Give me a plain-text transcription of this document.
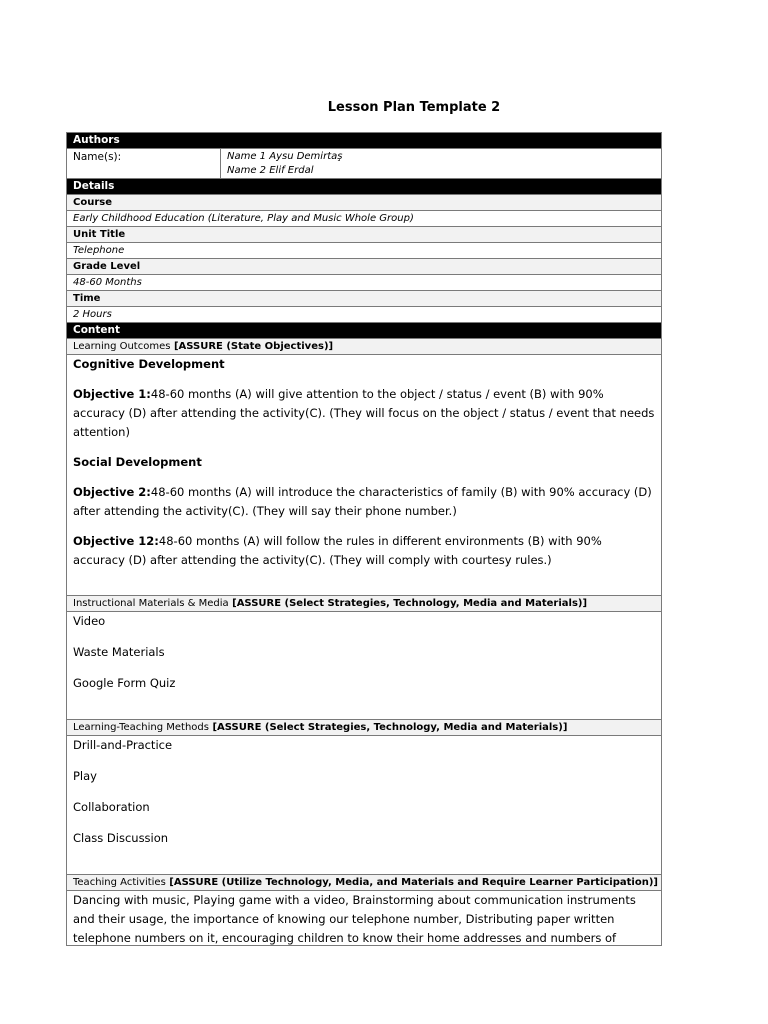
Lesson Plan Template 2
Authors
Name(s):	Name 1 Aysu Demirtaş
Name 2 Elif Erdal
Details
Course
Early Childhood Education (Literature, Play and Music Whole Group)
Unit Title
Telephone
Grade Level
48-60 Months
Time
2 Hours
Content
Learning Outcomes [ASSURE (State Objectives)]

Cognitive Development

Objective 1:48-60 months (A) will give attention to the object / status / event (B) with 90% accuracy (D) after attending the activity(C). (They will focus on the object / status / event that needs attention)

Social Development

Objective 2:48-60 months (A) will introduce the characteristics of family (B) with 90% accuracy (D) after attending the activity(C). (They will say their phone number.)

Objective 12:48-60 months (A) will follow the rules in different environments (B) with 90% accuracy (D) after attending the activity(C). (They will comply with courtesy rules.)

Instructional Materials & Media [ASSURE (Select Strategies, Technology, Media and Materials)]

Video

Waste Materials

Google Form Quiz

Learning-Teaching Methods [ASSURE (Select Strategies, Technology, Media and Materials)]

Drill-and-Practice

Play

Collaboration

Class Discussion

Teaching Activities [ASSURE (Utilize Technology, Media, and Materials and Require Learner Participation)]

Dancing with music, Playing game with a video, Brainstorming about communication instruments and their usage, the importance of knowing our telephone number, Distributing paper written telephone numbers on it, encouraging children to know their home addresses and numbers of
